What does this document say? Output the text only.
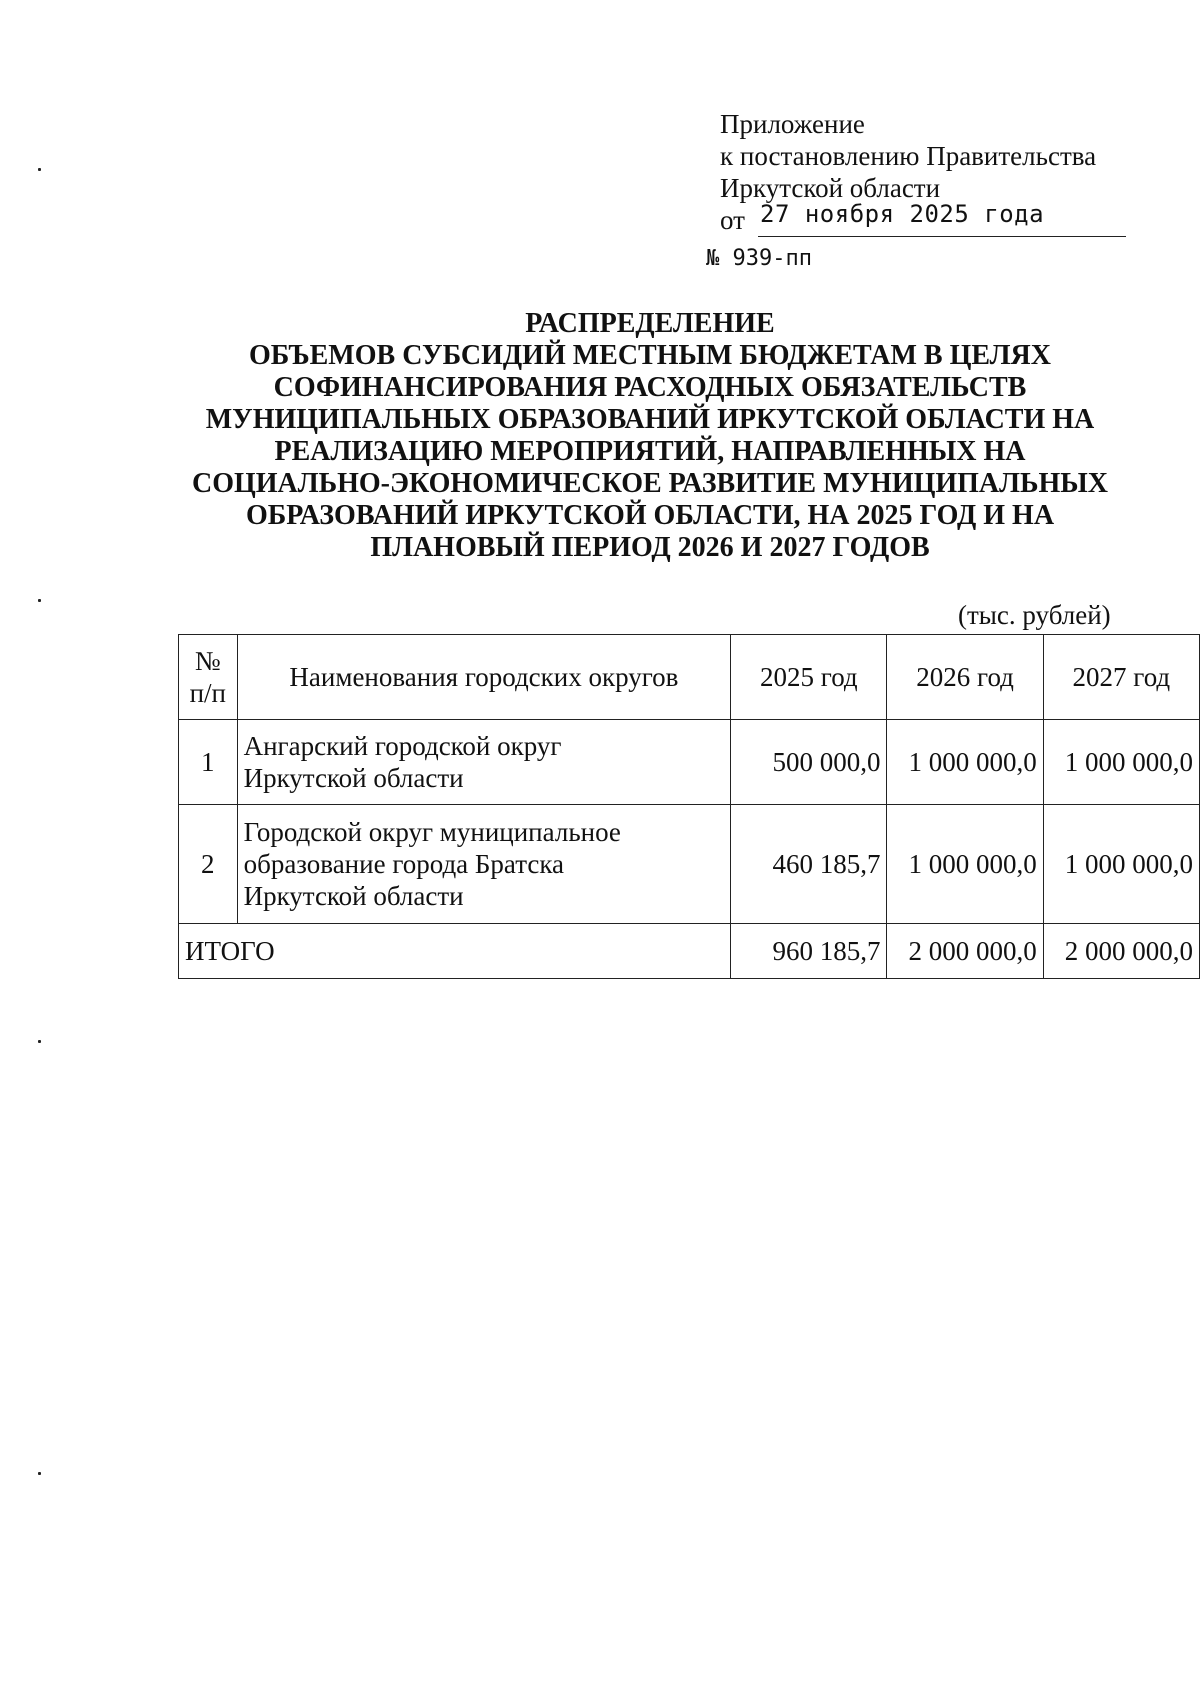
Приложение
к постановлению Правительства
Иркутской области
от 27 ноября 2025 года
№ 939-пп
РАСПРЕДЕЛЕНИЕ
ОБЪЕМОВ СУБСИДИЙ МЕСТНЫМ БЮДЖЕТАМ В ЦЕЛЯХ
СОФИНАНСИРОВАНИЯ РАСХОДНЫХ ОБЯЗАТЕЛЬСТВ
МУНИЦИПАЛЬНЫХ ОБРАЗОВАНИЙ ИРКУТСКОЙ ОБЛАСТИ НА
РЕАЛИЗАЦИЮ МЕРОПРИЯТИЙ, НАПРАВЛЕННЫХ НА
СОЦИАЛЬНО-ЭКОНОМИЧЕСКОЕ РАЗВИТИЕ МУНИЦИПАЛЬНЫХ
ОБРАЗОВАНИЙ ИРКУТСКОЙ ОБЛАСТИ, НА 2025 ГОД И НА
ПЛАНОВЫЙ ПЕРИОД 2026 И 2027 ГОДОВ
(тыс. рублей)
№
п/п	Наименования городских округов	2025 год	2026 год	2027 год
1	Ангарский городской округ
Иркутской области	500 000,0	1 000 000,0	1 000 000,0
2	Городской округ муниципальное
образование города Братска
Иркутской области	460 185,7	1 000 000,0	1 000 000,0
ИТОГО		960 185,7	2 000 000,0	2 000 000,0
